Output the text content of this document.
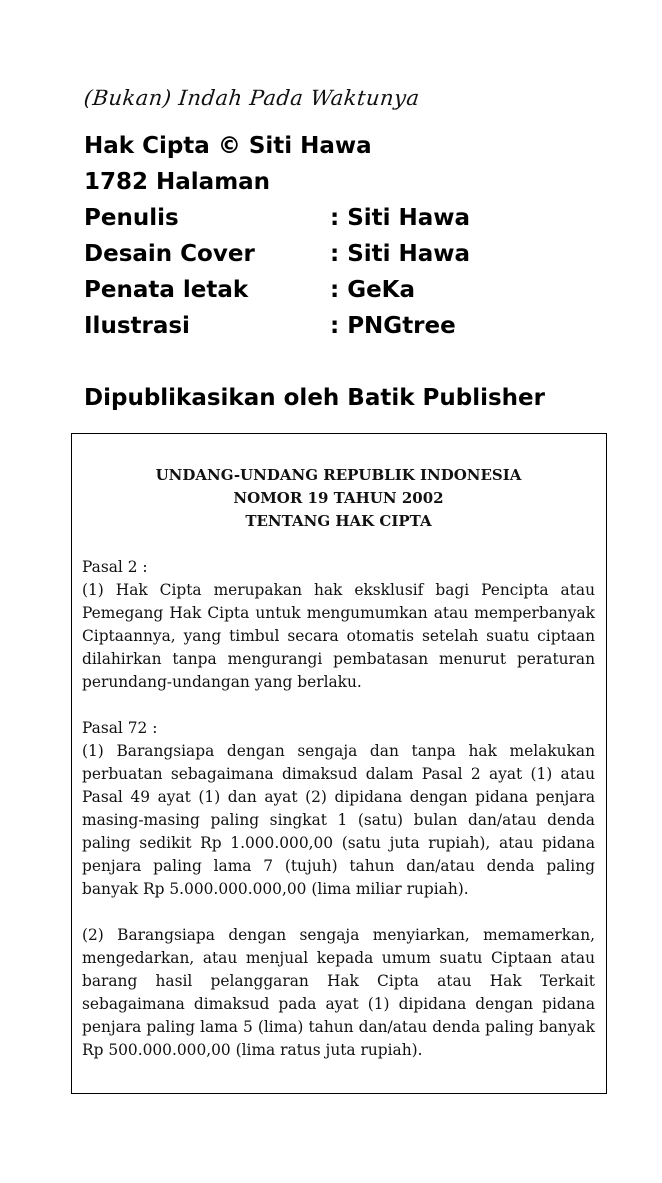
(Bukan) Indah Pada Waktunya
Hak Cipta © Siti Hawa
1782 Halaman
Penulis	: Siti Hawa
Desain Cover	: Siti Hawa
Penata letak	: GeKa
Ilustrasi	: PNGtree
Dipublikasikan oleh Batik Publisher
UNDANG-UNDANG REPUBLIK INDONESIA
NOMOR 19 TAHUN 2002
TENTANG HAK CIPTA
Pasal 2 :
(1) Hak Cipta merupakan hak eksklusif bagi Pencipta atau Pemegang Hak Cipta untuk mengumumkan atau memperbanyak Ciptaannya, yang timbul secara otomatis setelah suatu ciptaan dilahirkan tanpa mengurangi pembatasan menurut peraturan perundang-undangan yang berlaku.
Pasal 72 :
(1) Barangsiapa dengan sengaja dan tanpa hak melakukan perbuatan sebagaimana dimaksud dalam Pasal 2 ayat (1) atau Pasal 49 ayat (1) dan ayat (2) dipidana dengan pidana penjara masing-masing paling singkat 1 (satu) bulan dan/atau denda paling sedikit Rp 1.000.000,00 (satu juta rupiah), atau pidana penjara paling lama 7 (tujuh) tahun dan/atau denda paling banyak Rp 5.000.000.000,00 (lima miliar rupiah).
(2) Barangsiapa dengan sengaja menyiarkan, memamerkan, mengedarkan, atau menjual kepada umum suatu Ciptaan atau barang hasil pelanggaran Hak Cipta atau Hak Terkait sebagaimana dimaksud pada ayat (1) dipidana dengan pidana penjara paling lama 5 (lima) tahun dan/atau denda paling banyak Rp 500.000.000,00 (lima ratus juta rupiah).
